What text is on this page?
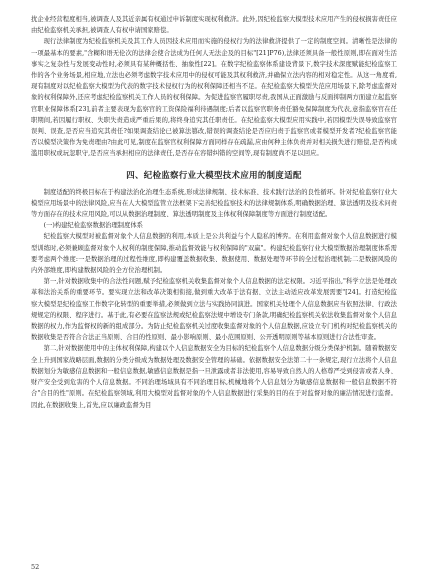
扰企业经营程度相当,被调查人及其近亲属有权通过申诉制度实现权利救济。此外,因纪检监察大模型技术应用产生的侵权损害责任应由纪检监察机关承担,被调查人有权申请国家赔偿。

现行法律制度为纪检监察机关及其工作人员因技术应用而实施的侵权行为的法律救济提供了一定的制度空间。清晰性是法律的一项最基本的要素,"含糊和语无伦次的法律会使合法成为任何人无法企及的目标"[21]P76),法律还须具备一般性原则,即在面对生活事实之复杂性与发展变动性时,必须具有某种概括性、抽象性[22]。在数字纪检监察体系建设背景下,数字技术深度赋能纪检监察工作的各个业务场景,相应地,立法也必须考虑数字技术应用中的侵权可能及其权利救济,并确保立法内容的相对稳定性。从这一角度看,现有制度对以纪检监察大模型为代表的数字技术侵权行为的权利保障还相当不足。在纪检监察大模型失范应用场景下,除考虑监督对象的权利保障外,还应考虑纪检监察机关工作人员的权利保障。为促进监察官履职尽责,我国从正面激励与反面抑制两方面建立起监察官职业保障体系[23],前者主要表现为监察官的工资保险福利待遇制度;后者以监察官职务责任豁免保障制度为代表,意指监察官在任职期间,若因履行职权、失职失责造成严重后果的,将终身追究其任职责任。在纪检监察大模型应用实践中,若因模型失误导致监察官误判、误查,是否应当追究其责任?如果调查结论已被算法篡改,错误的调查结论是否应归责于监察官或者模型开发者?纪检监察官能否以模型决策作为免责理由?由此可见,制度在监察官权利保障方面同样存在疏漏,应由何种主体负责并对相关损失进行赔偿,是否构成滥用职权或玩忽职守,是否应当承担相应的法律责任,是否存在容错纠错的空间等,现有制度尚不足以回应。

四、纪检监察行业大模型技术应用的制度适配

制度适配的终极目标在于构建法治化治理生态系统,形成法律规制、技术标准、技术践行法治的良性循环。针对纪检监察行业大模型应用场景中的法律风险,应当在人大模型监管立法框架下完善纪检监察技术的法律规制体系,明确数据治理、算法透明及技术问责等方面存在的技术应用风险,可以从数据治理制度、算法透明制度及主体权利保障制度等方面进行制度适配。

(一)构建纪检监察数据治理制度体系

纪检监察大模型对被监督对象个人信息数据的利用,本质上是公共利益与个人隐私的博弈。在利用监督对象个人信息数据进行模型训练时,必须兼顾监督对象个人权利的制度保障,推动监督效能与权利保障的"双赢"。构建纪检监察行业大模型数据治理制度体系需要考虑两个维度:一是数据治理的过程性维度,即构建覆盖数据收集、数据使用、数据处理等环节的全过程治理机制;二是数据风险的内外部维度,即构建数据风险的全方位治理机制。

第一,针对数据收集中的合法性问题,赋予纪检监察机关收集监督对象个人信息数据的法定权限。习近平指出,"科学立法是处理改革和法治关系的重要环节。要实现立法和改革决策相衔接,做到重大改革于法有据、立法主动适应改革发展需要"[24]。打造纪检监察大模型是纪检监察工作数字化转型的重要举措,必须做到立法与实践协同演进。国家机关处理个人信息数据应当依照法律、行政法规规定的权限、程序进行。基于此,有必要在监察法规或纪检监察法规中增设专门条款,明确纪检监察机关依法收集监督对象个人信息数据的权力,作为监督权的新的组成部分。为防止纪检监察机关过度收集监督对象的个人信息数据,应设立专门机构对纪检监察机关的数据收集是否符合合法正当原则、合目的性原则、最小影响原则、最小范围原则、公开透明原则等基本原则进行合法性审查。

第二,针对数据使用中的主体权利保障,构建以个人信息数据安全为目标的纪检监察个人信息数据分级分类保护机制。随着数据安全上升到国家战略层面,数据的分类分级成为数据处理及数据安全管理的基础。依据数据安全法第二十一条规定,现行立法将个人信息数据划分为敏感信息数据和一般信息数据,敏感信息数据是指一旦泄露或者非法使用,容易导致自然人的人格尊严受到侵害或者人身、财产安全受到危害的个人信息数据。不同治理场域具有不同治理目标,机械地将个人信息划分为敏感信息数据和一般信息数据不符合"合目的性"原则。在纪检监察领域,利用大模型对监督对象的个人信息数据进行采集的目的在于对监督对象的廉洁情况进行监督。因此,在数据收集上,首先,应以廉政监督为目

52
